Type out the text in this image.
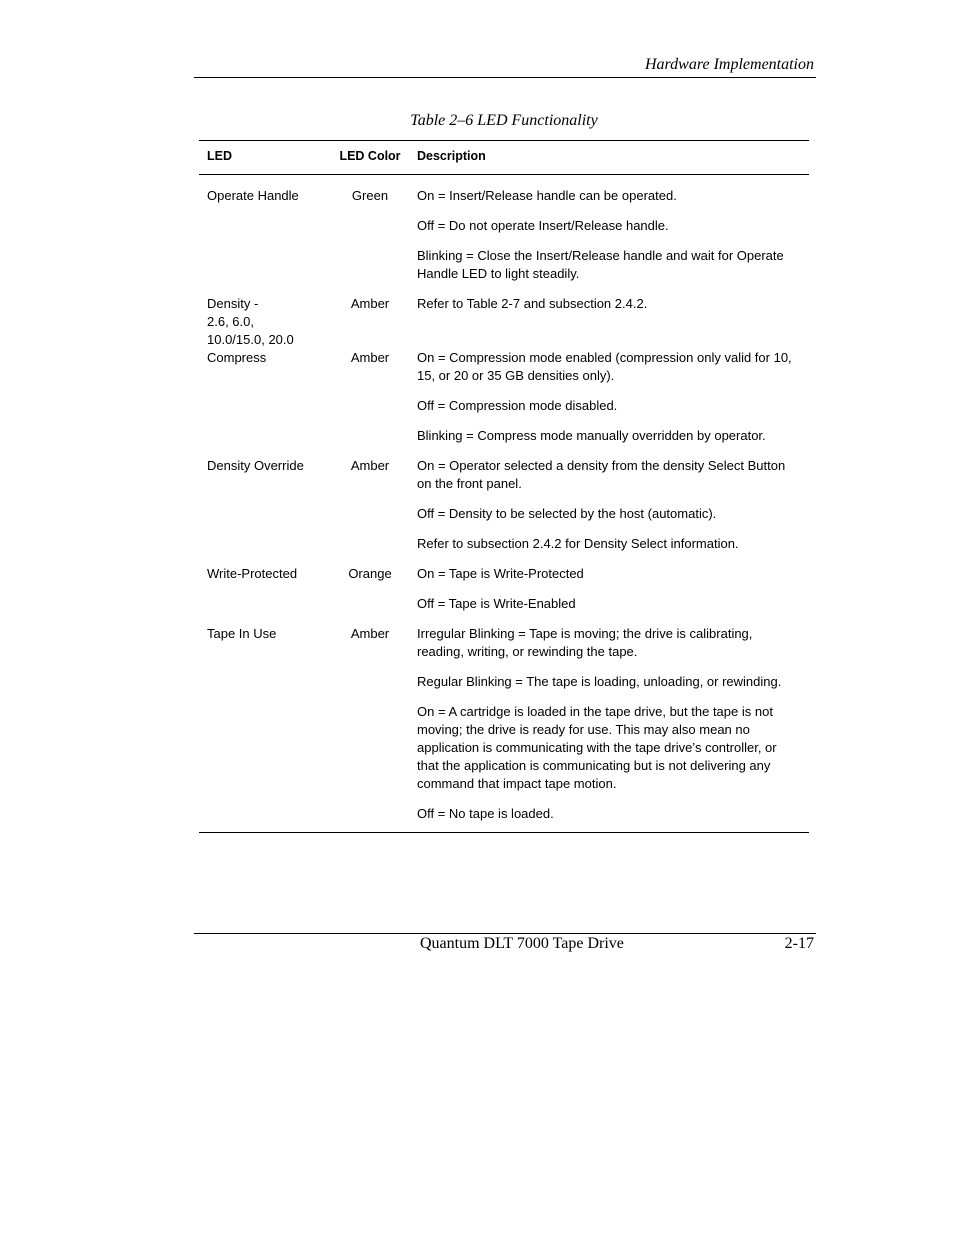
Hardware Implementation
Table 2–6 LED Functionality
LED	LED Color	Description

Operate Handle	Green	On = Insert/Release handle can be operated.
Off = Do not operate Insert/Release handle.
Blinking = Close the Insert/Release handle and wait for Operate Handle LED to light steadily.

Density -
2.6, 6.0,
10.0/15.0, 20.0	Amber	Refer to Table 2-7 and subsection 2.4.2.

Compress	Amber	On = Compression mode enabled (compression only valid for 10, 15, or 20 or 35 GB densities only).
Off = Compression mode disabled.
Blinking = Compress mode manually overridden by operator.

Density Override	Amber	On = Operator selected a density from the density Select Button on the front panel.
Off = Density to be selected by the host (automatic).
Refer to subsection 2.4.2 for Density Select information.

Write-Protected	Orange	On = Tape is Write-Protected
Off = Tape is Write-Enabled

Tape In Use	Amber	Irregular Blinking = Tape is moving; the drive is calibrating, reading, writing, or rewinding the tape.
Regular Blinking = The tape is loading, unloading, or rewinding.
On = A cartridge is loaded in the tape drive, but the tape is not moving; the drive is ready for use. This may also mean no application is communicating with the tape drive’s controller, or that the application is communicating but is not delivering any command that impact tape motion.
Off = No tape is loaded.
Quantum DLT 7000 Tape Drive	2-17
